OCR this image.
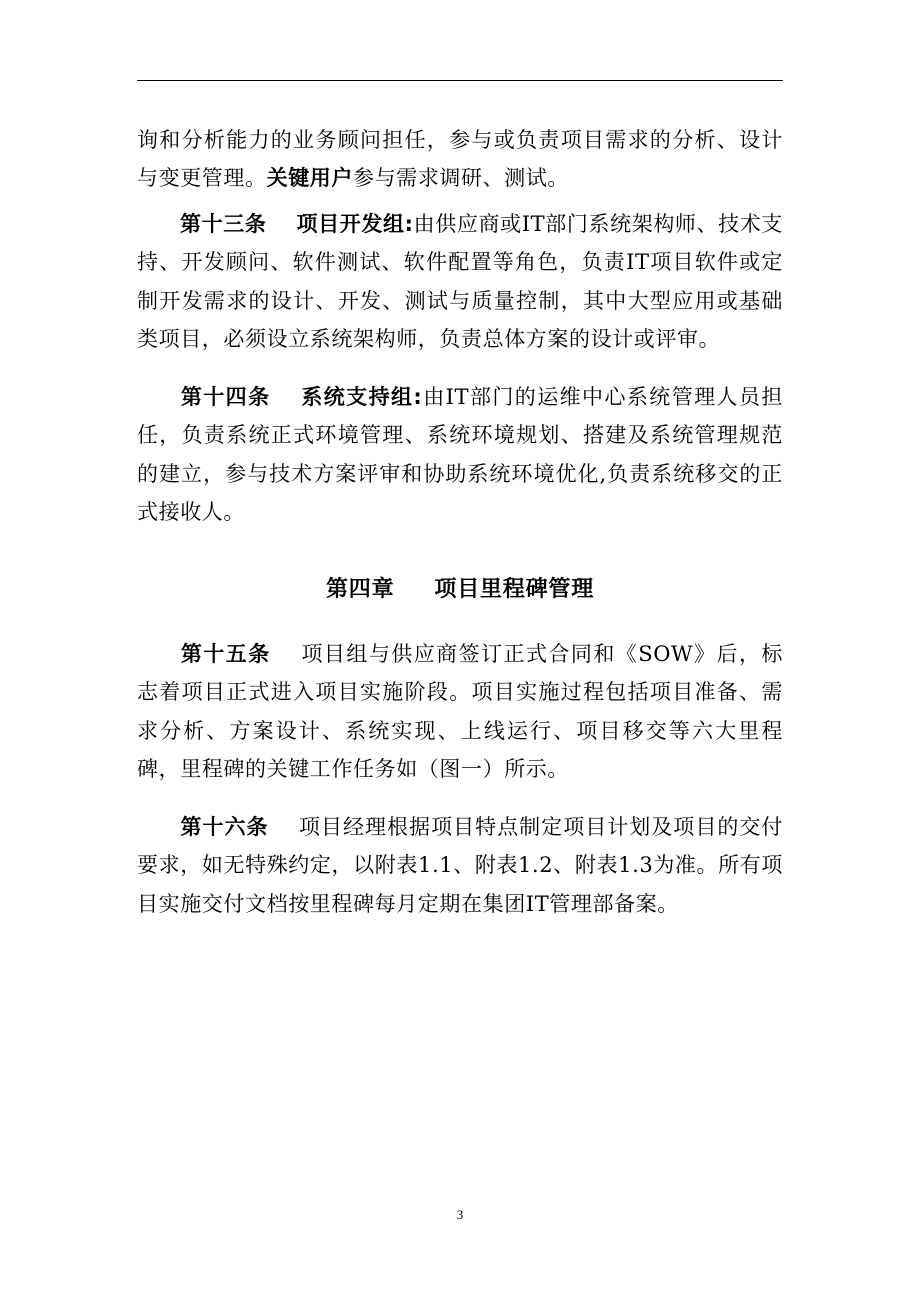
询和分析能力的业务顾问担任，参与或负责项目需求的分析、设计与变更管理。关键用户参与需求调研、测试。

第十三条 项目开发组:由供应商或IT部门系统架构师、技术支持、开发顾问、软件测试、软件配置等角色，负责IT项目软件或定制开发需求的设计、开发、测试与质量控制，其中大型应用或基础类项目，必须设立系统架构师，负责总体方案的设计或评审。

第十四条 系统支持组:由IT部门的运维中心系统管理人员担任，负责系统正式环境管理、系统环境规划、搭建及系统管理规范的建立，参与技术方案评审和协助系统环境优化,负责系统移交的正式接收人。

第四章 项目里程碑管理

第十五条 项目组与供应商签订正式合同和《SOW》后，标志着项目正式进入项目实施阶段。项目实施过程包括项目准备、需求分析、方案设计、系统实现、上线运行、项目移交等六大里程碑，里程碑的关键工作任务如（图一）所示。

第十六条 项目经理根据项目特点制定项目计划及项目的交付要求，如无特殊约定，以附表1.1、附表1.2、附表1.3为准。所有项目实施交付文档按里程碑每月定期在集团IT管理部备案。

3
